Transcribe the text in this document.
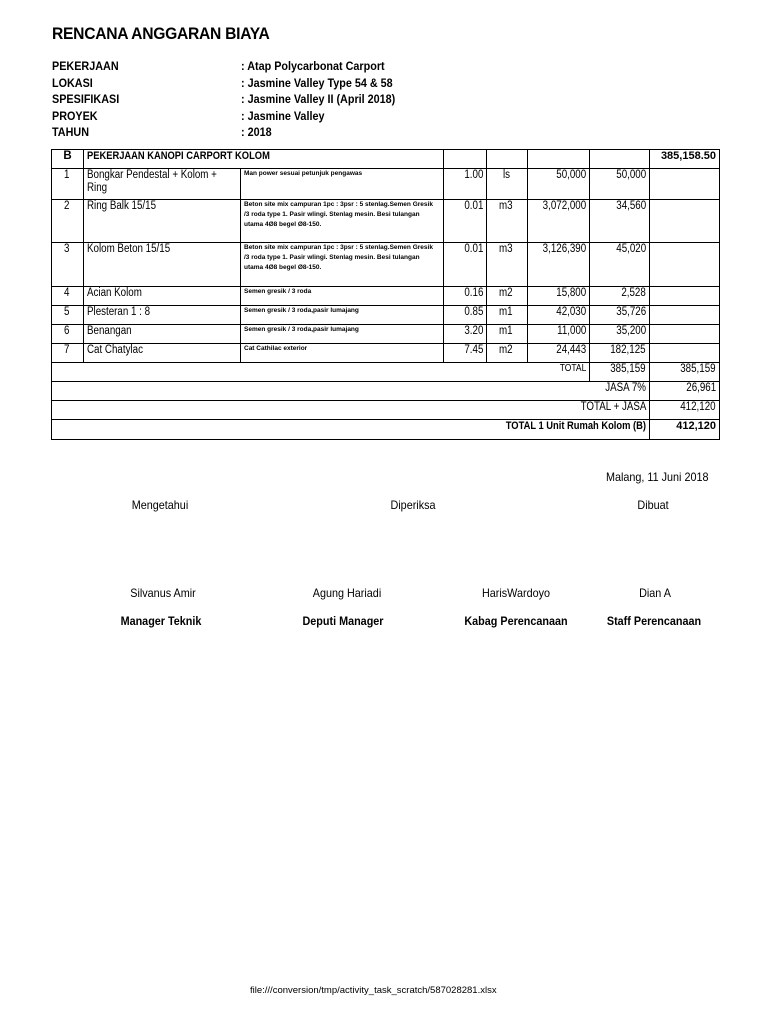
RENCANA ANGGARAN BIAYA
PEKERJAAN	: Atap Polycarbonat Carport
LOKASI	: Jasmine Valley Type 54 & 58
SPESIFIKASI	: Jasmine Valley II (April 2018)
PROYEK	: Jasmine Valley
TAHUN	: 2018
B	PEKERJAAN KANOPI CARPORT KOLOM						385,158.50
1	Bongkar Pendestal + Kolom + Ring	Man power sesuai petunjuk pengawas	1.00	ls	50,000	50,000	
2	Ring Balk 15/15	Beton site mix campuran 1pc : 3psr : 5 stenlag.Semen Gresik /3 roda type 1. Pasir wlingi. Stenlag mesin. Besi tulangan utama 4Ø8 begel Ø8-150.	0.01	m3	3,072,000	34,560	
3	Kolom Beton 15/15	Beton site mix campuran 1pc : 3psr : 5 stenlag.Semen Gresik /3 roda type 1. Pasir wlingi. Stenlag mesin. Besi tulangan utama 4Ø8 begel Ø8-150.	0.01	m3	3,126,390	45,020	
4	Acian Kolom	Semen gresik / 3 roda	0.16	m2	15,800	2,528	
5	Plesteran 1 : 8	Semen gresik / 3 roda,pasir lumajang	0.85	m1	42,030	35,726	
6	Benangan	Semen gresik / 3 roda,pasir lumajang	3.20	m1	11,000	35,200	
7	Cat Chatylac	Cat Cathilac exterior	7.45	m2	24,443	182,125	
TOTAL						385,159	385,159
JASA 7%							26,961
TOTAL + JASA							412,120
TOTAL 1 Unit Rumah Kolom (B)							412,120
Malang, 11 Juni 2018
Mengetahui	Diperiksa	Dibuat
Silvanus Amir	Agung Hariadi	HarisWardoyo	Dian A
Manager Teknik	Deputi Manager	Kabag Perencanaan	Staff Perencanaan
file:///conversion/tmp/activity_task_scratch/587028281.xlsx
